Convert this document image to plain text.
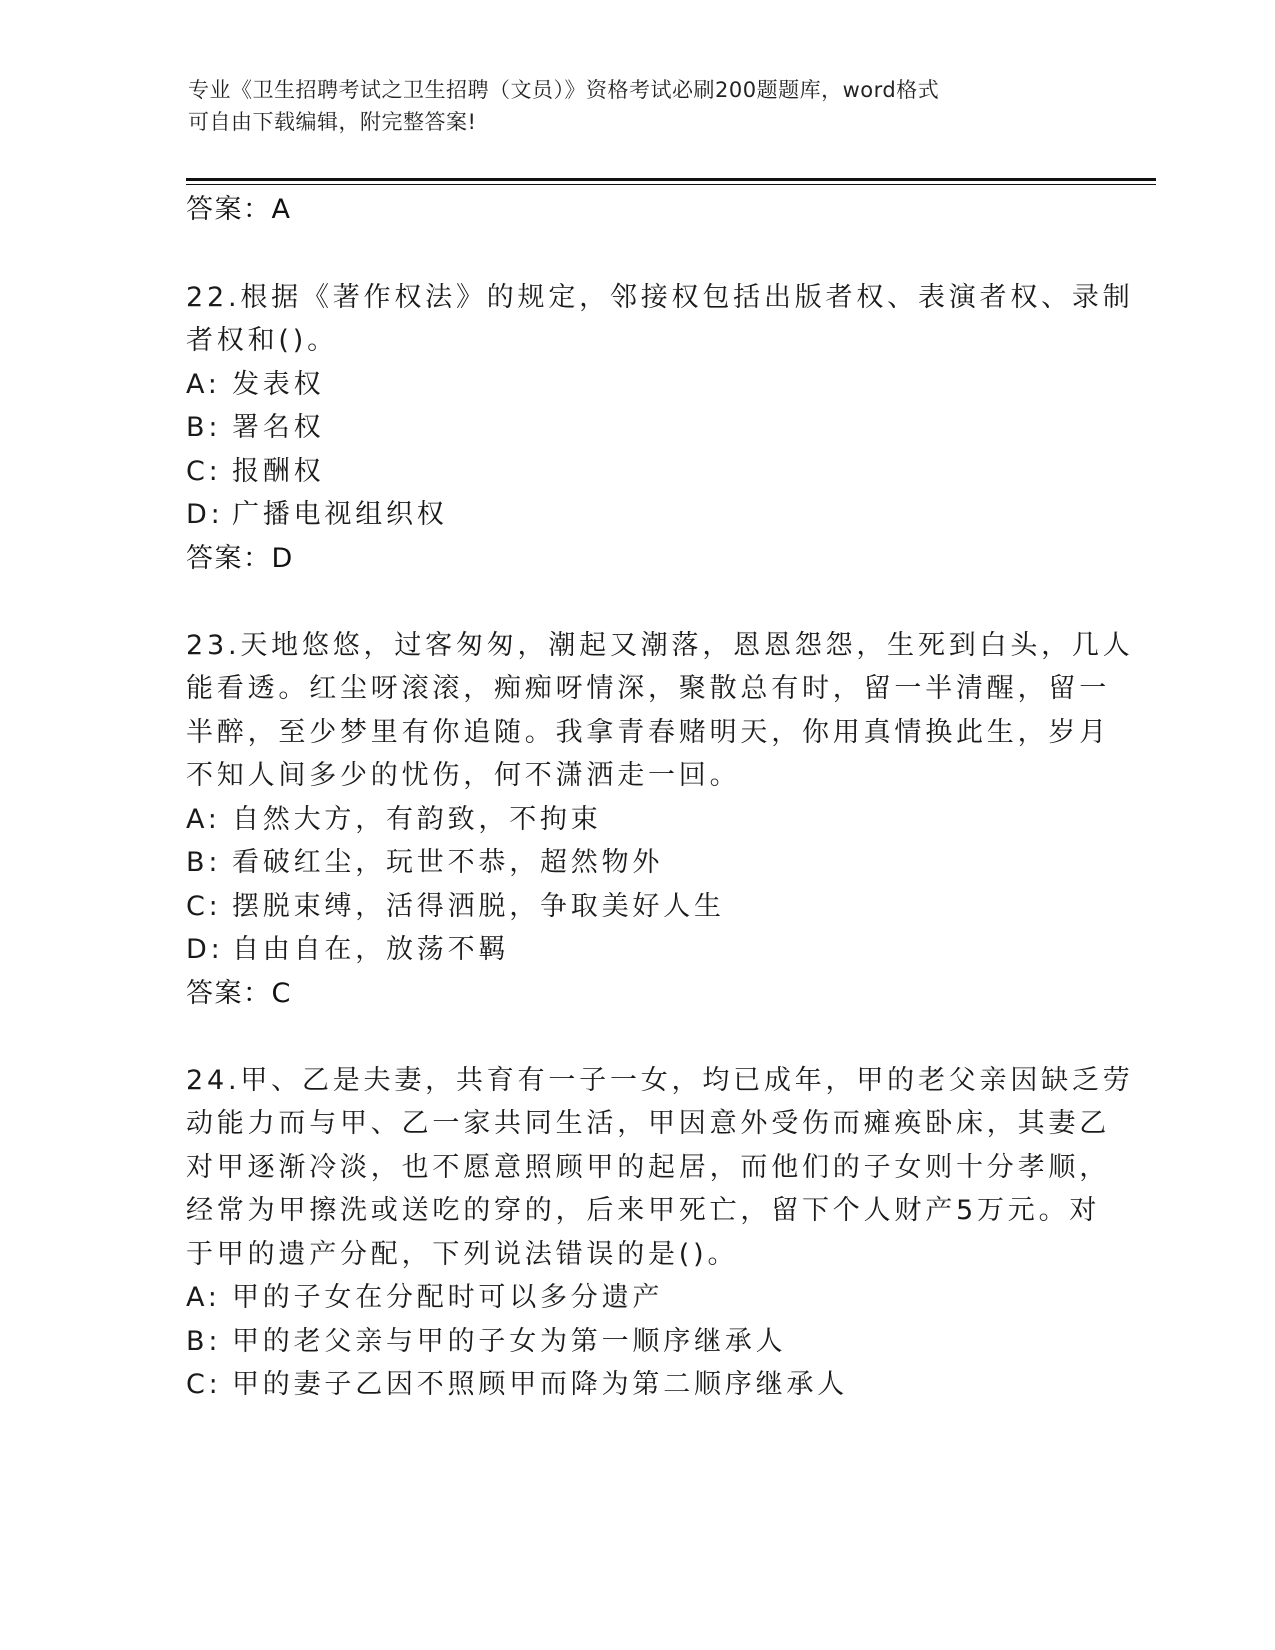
专业《卫生招聘考试之卫生招聘（文员）》资格考试必刷200题题库，word格式
可自由下载编辑，附完整答案!
答案：A
22.根据《著作权法》的规定，邻接权包括出版者权、表演者权、录制
者权和()。
A: 发表权
B: 署名权
C: 报酬权
D: 广播电视组织权
答案：D
23.天地悠悠，过客匆匆，潮起又潮落，恩恩怨怨，生死到白头，几人
能看透。红尘呀滚滚，痴痴呀情深，聚散总有时，留一半清醒，留一
半醉，至少梦里有你追随。我拿青春赌明天，你用真情换此生，岁月
不知人间多少的忧伤，何不潇洒走一回。
A: 自然大方，有韵致，不拘束
B: 看破红尘，玩世不恭，超然物外
C: 摆脱束缚，活得洒脱，争取美好人生
D: 自由自在，放荡不羁
答案：C
24.甲、乙是夫妻，共育有一子一女，均已成年，甲的老父亲因缺乏劳
动能力而与甲、乙一家共同生活，甲因意外受伤而瘫痪卧床，其妻乙
对甲逐渐冷淡，也不愿意照顾甲的起居，而他们的子女则十分孝顺，
经常为甲擦洗或送吃的穿的，后来甲死亡，留下个人财产5万元。对
于甲的遗产分配，下列说法错误的是()。
A: 甲的子女在分配时可以多分遗产
B: 甲的老父亲与甲的子女为第一顺序继承人
C: 甲的妻子乙因不照顾甲而降为第二顺序继承人
